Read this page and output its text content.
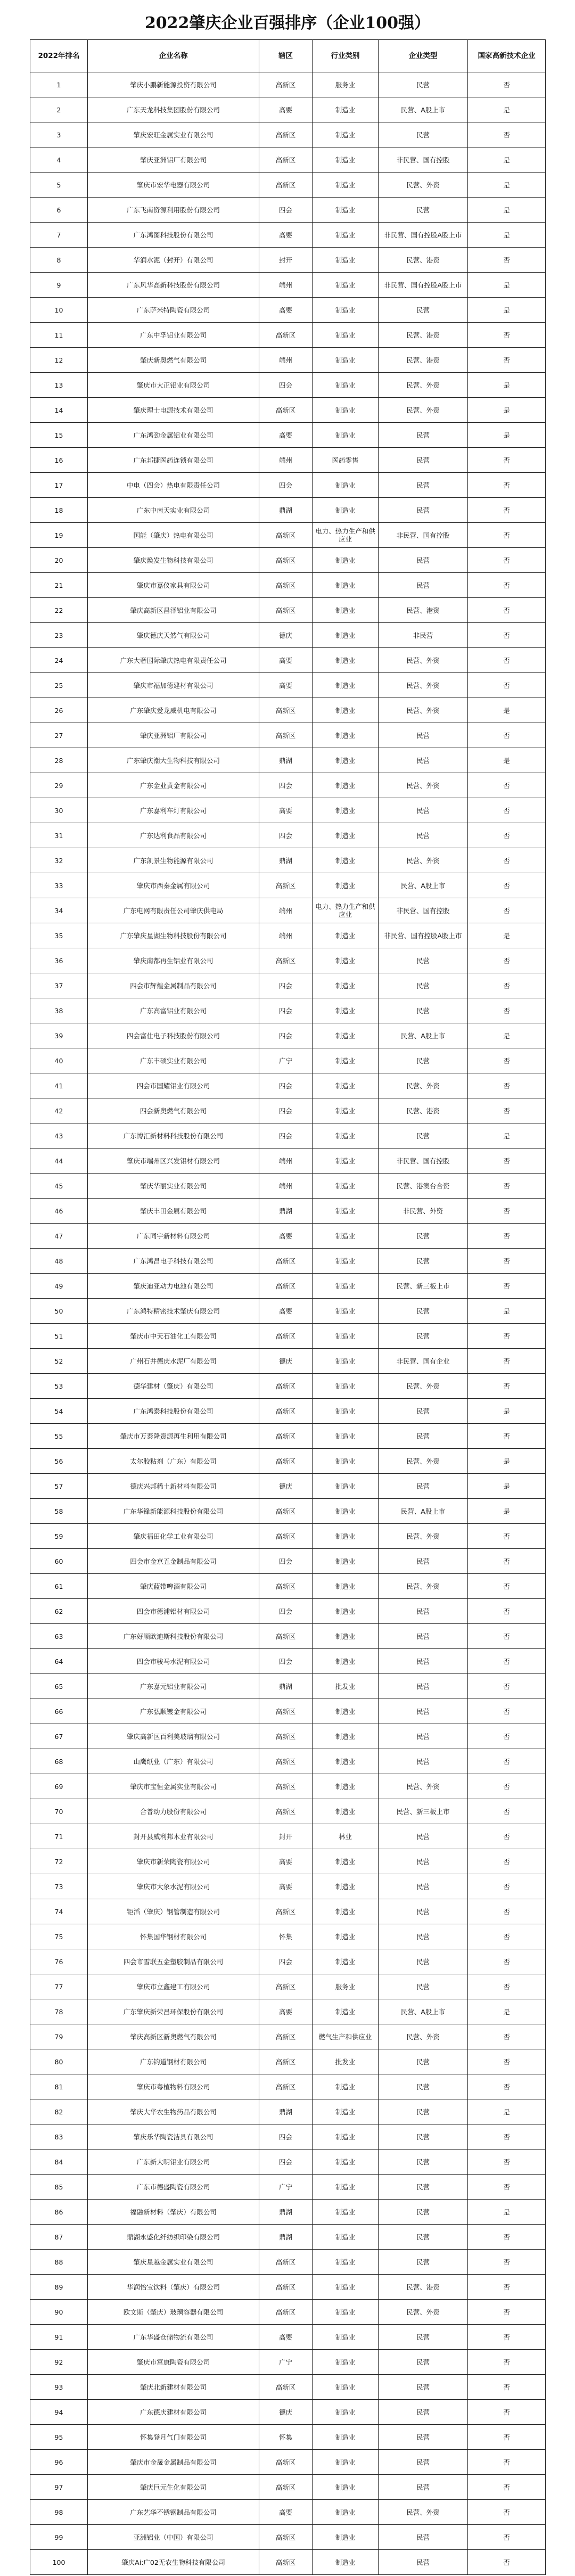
2022肇庆企业百强排序（企业100强）
2022年排名	企业名称	辖区	行业类别	企业类型	国家高新技术企业
1	肇庆小鹏新能源投资有限公司	高新区	服务业	民营	否
2	广东天龙科技集团股份有限公司	高要	制造业	民营、A股上市	是
3	肇庆宏旺金属实业有限公司	高新区	制造业	民营	否
4	肇庆亚洲铝厂有限公司	高新区	制造业	非民营、国有控股	是
5	肇庆市宏华电器有限公司	高新区	制造业	民营、外资	是
6	广东飞南资源利用股份有限公司	四会	制造业	民营	是
7	广东鸿图科技股份有限公司	高要	制造业	非民营、国有控股A股上市	是
8	华润水泥（封开）有限公司	封开	制造业	民营、港资	否
9	广东风华高新科技股份有限公司	端州	制造业	非民营、国有控股A股上市	是
10	广东萨米特陶瓷有限公司	高要	制造业	民营	是
11	广东中孚铝业有限公司	高新区	制造业	民营、港资	否
12	肇庆新奥燃气有限公司	端州	制造业	民营、港资	否
13	肇庆市大正铝业有限公司	四会	制造业	民营、外资	是
14	肇庆理士电源技术有限公司	高新区	制造业	民营、外资	是
15	广东鸿劲金属铝业有限公司	高要	制造业	民营	是
16	广东邦捷医药连锁有限公司	端州	医药零售	民营	否
17	中电（四会）热电有限责任公司	四会	制造业	民营	否
18	广东中南天实业有限公司	鼎湖	制造业	民营	否
19	国能（肇庆）热电有限公司	高新区	电力、热力生产和供应业	非民营、国有控股	否
20	肇庆焕发生物科技有限公司	高新区	制造业	民营	否
21	肇庆市嘉仪家具有限公司	高新区	制造业	民营	否
22	肇庆高新区昌泽铝业有限公司	高新区	制造业	民营、港资	否
23	肇庆德庆天然气有限公司	德庆	制造业	非民营	否
24	广东大奢国际肇庆热电有限责任公司	高要	制造业	民营、外资	否
25	肇庆市福加德建材有限公司	高要	制造业	民营、外资	否
26	广东肇庆爱龙威机电有限公司	高新区	制造业	民营、外资	是
27	肇庆亚洲铝厂有限公司	高新区	制造业	民营	否
28	广东肇庆潮大生物科技有限公司	鼎湖	制造业	民营	是
29	广东金业黄金有限公司	四会	制造业	民营、外资	否
30	广东嘉利车灯有限公司	高要	制造业	民营	否
31	广东达利食品有限公司	四会	制造业	民营	否
32	广东凯景生物能源有限公司	鼎湖	制造业	民营、外资	否
33	肇庆市西秦金属有限公司	高新区	制造业	民营、A股上市	否
34	广东电网有限责任公司肇庆供电局	端州	电力、热力生产和供应业	非民营、国有控股	否
35	广东肇庆星湖生物科技股份有限公司	端州	制造业	非民营、国有控股A股上市	是
36	肇庆南都再生铝业有限公司	高新区	制造业	民营	否
37	四会市辉煌金属制品有限公司	四会	制造业	民营	否
38	广东高富铝业有限公司	四会	制造业	民营	否
39	四会富仕电子科技股份有限公司	四会	制造业	民营、A股上市	是
40	广东丰硕实业有限公司	广宁	制造业	民营	否
41	四会市国耀铝业有限公司	四会	制造业	民营、外资	否
42	四会新奥燃气有限公司	四会	制造业	民营、港资	否
43	广东博汇新材料科技股份有限公司	四会	制造业	民营	是
44	肇庆市端州区兴发铝材有限公司	端州	制造业	非民营、国有控股	否
45	肇庆华丽实业有限公司	端州	制造业	民营、港澳台合资	否
46	肇庆丰田金属有限公司	鼎湖	制造业	非民营、外资	否
47	广东同宇新材料有限公司	高要	制造业	民营	否
48	广东鸿昌电子科技有限公司	高新区	制造业	民营	否
49	肇庆迪亚动力电池有限公司	高新区	制造业	民营、新三板上市	否
50	广东鸿特精密技术肇庆有限公司	高要	制造业	民营	是
51	肇庆市中天石油化工有限公司	高新区	制造业	民营	否
52	广州石井德庆水泥厂有限公司	德庆	制造业	非民营、国有企业	否
53	德华建材（肇庆）有限公司	高新区	制造业	民营、外资	否
54	广东鸿泰科技股份有限公司	高新区	制造业	民营	是
55	肇庆市万泰隆资源再生利用有限公司	高新区	制造业	民营	否
56	太尔胶粘剂（广东）有限公司	高新区	制造业	民营、外资	是
57	德庆兴邦稀土新材料有限公司	德庆	制造业	民营	是
58	广东华锋新能源科技股份有限公司	高新区	制造业	民营、A股上市	是
59	肇庆福田化学工业有限公司	高新区	制造业	民营、外资	否
60	四会市金京五金制品有限公司	四会	制造业	民营	否
61	肇庆蓝带啤酒有限公司	高新区	制造业	民营、外资	否
62	四会市德浦铝材有限公司	四会	制造业	民营	否
63	广东好顺欧迪斯科技股份有限公司	高新区	制造业	民营	否
64	四会市骏马水泥有限公司	四会	制造业	民营	否
65	广东嘉元铝业有限公司	鼎湖	批发业	民营	否
66	广东弘顺镀金有限公司	高新区	制造业	民营	否
67	肇庆高新区百利美玻璃有限公司	高新区	制造业	民营	否
68	山鹰纸业（广东）有限公司	高新区	制造业	民营	否
69	肇庆市宝恒金属实业有限公司	高新区	制造业	民营、外资	否
70	合普动力股份有限公司	高新区	制造业	民营、新三板上市	否
71	封开县威利邦木业有限公司	封开	林业	民营	否
72	肇庆市新荣陶瓷有限公司	高要	制造业	民营	否
73	肇庆市大象水泥有限公司	高要	制造业	民营	否
74	钜滔（肇庆）钢管制造有限公司	高新区	制造业	民营	否
75	怀集国华钢材有限公司	怀集	制造业	民营	否
76	四会市雪联五金塑胶制品有限公司	四会	制造业	民营	否
77	肇庆市立鑫建工有限公司	高新区	服务业	民营	否
78	广东肇庆新荣昌环保股份有限公司	高要	制造业	民营、A股上市	是
79	肇庆高新区新奥燃气有限公司	高新区	燃气生产和供应业	民营、外资	否
80	广东钧道钢材有限公司	高新区	批发业	民营	否
81	肇庆市粤植物料有限公司	高新区	制造业	民营	否
82	肇庆大华农生物药品有限公司	鼎湖	制造业	民营	是
83	肇庆乐华陶瓷洁具有限公司	四会	制造业	民营	否
84	广东新大明铝业有限公司	四会	制造业	民营	否
85	广东市德盛陶瓷有限公司	广宁	制造业	民营	否
86	福融新材料（肇庆）有限公司	鼎湖	制造业	民营	是
87	鼎湖永盛化纤纺织印染有限公司	鼎湖	制造业	民营	否
88	肇庆星越金属实业有限公司	高新区	制造业	民营	否
89	华润怡宝饮料（肇庆）有限公司	高新区	制造业	民营、港资	否
90	欧文斯（肇庆）玻璃容器有限公司	高新区	制造业	民营、外资	否
91	广东华盛仓储物流有限公司	高要	制造业	民营	否
92	肇庆市富康陶瓷有限公司	广宁	制造业	民营	否
93	肇庆北新建材有限公司	高新区	制造业	民营	否
94	广东德庆建材有限公司	德庆	制造业	民营	否
95	怀集登月气门有限公司	怀集	制造业	民营	否
96	肇庆市金晟金属制品有限公司	高新区	制造业	民营	否
97	肇庆巨元生化有限公司	高新区	制造业	民营	否
98	广东艺华不锈钢制品有限公司	高要	制造业	民营、外资	否
99	亚洲铝业（中国）有限公司	高新区	制造业	民营	否
100	肇庆Ai:广02无农生物科技有限公司	高新区	制造业	民营	否
